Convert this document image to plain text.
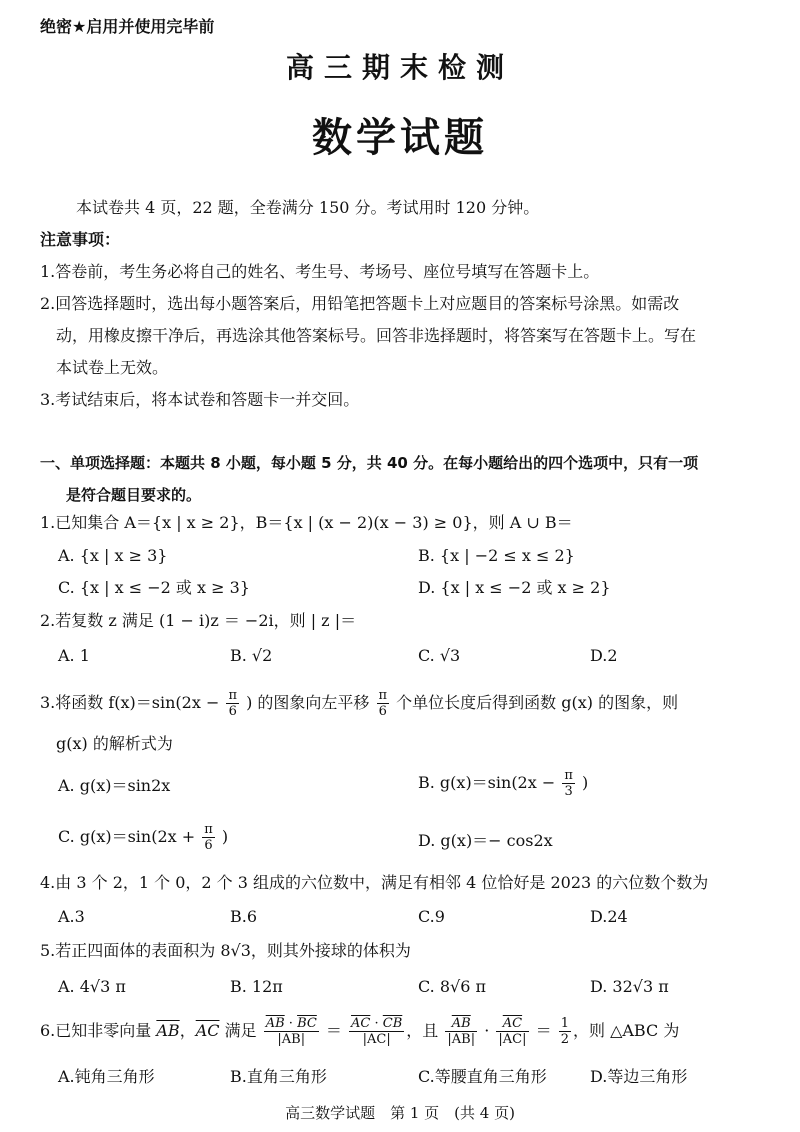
绝密★启用并使用完毕前
高三期末检测
数学试题
本试卷共 4 页，22 题，全卷满分 150 分。考试用时 120 分钟。
注意事项：
1.答卷前，考生务必将自己的姓名、考生号、考场号、座位号填写在答题卡上。
2.回答选择题时，选出每小题答案后，用铅笔把答题卡上对应题目的答案标号涂黑。如需改
动，用橡皮擦干净后，再选涂其他答案标号。回答非选择题时，将答案写在答题卡上。写在
本试卷上无效。
3.考试结束后，将本试卷和答题卡一并交回。
一、单项选择题：本题共 8 小题，每小题 5 分，共 40 分。在每小题给出的四个选项中，只有一项
是符合题目要求的。
1.已知集合 A＝{x | x ≥ 2}，B＝{x | (x − 2)(x − 3) ≥ 0}，则 A ∪ B＝
A. {x | x ≥ 3}	B. {x | −2 ≤ x ≤ 2}
C. {x | x ≤ −2 或 x ≥ 3}	D. {x | x ≤ −2 或 x ≥ 2}
2.若复数 z 满足 (1 − i)z ＝ −2i，则 | z |＝
A. 1	B. √2	C. √3	D.2
3.将函数 $f(x)=\sin(2x - \frac{\pi}{6}$ ) 的图象向左平移 $\frac{\pi}{6}$ 个单位长度后得到函数 g(x) 的图象，则
g(x) 的解析式为
A. g(x)＝sin2x	B. $g(x)=\sin(2x - \frac{\pi}{3}$ )
C. $g(x)=\sin(2x + \frac{\pi}{6}$ )	D. g(x)＝− cos2x
4.由 3 个 2，1 个 0，2 个 3 组成的六位数中，满足有相邻 4 位恰好是 2023 的六位数个数为
A.3	B.6	C.9	D.24
5.若正四面体的表面积为 8√3，则其外接球的体积为
A. 4√3 π	B. 12π	C. 8√6 π	D. 32√3 π
6.已知非零向量 $\overline{AB}$，$\overline{AC}$ 满足 $\frac{\overline{AB} \cdot \overline{BC}}{|AB|} = \frac{\overline{AC} \cdot \overline{CB}}{|AC|}$ ，且 $\frac{\overline{AB}}{|AB|} \cdot \frac{\overline{AC}}{|AC|} = \frac{1}{2}$ ，则 △ABC 为
A.钝角三角形	B.直角三角形	C.等腰直角三角形	D.等边三角形
高三数学试题　第 1 页　(共 4 页)
